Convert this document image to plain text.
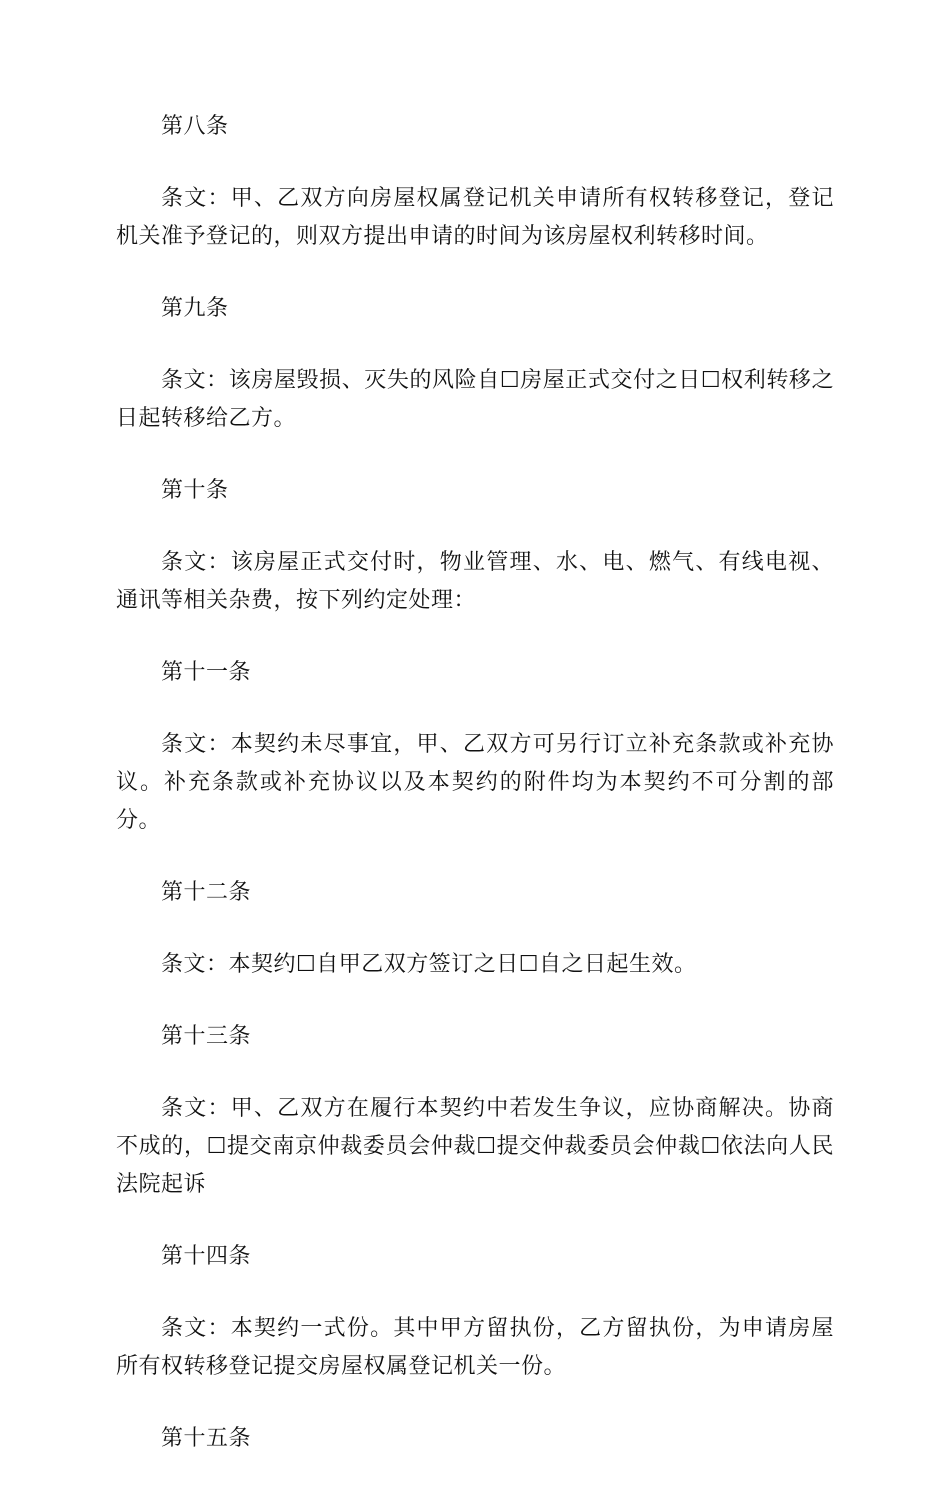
第八条

条文：甲、乙双方向房屋权属登记机关申请所有权转移登记，登记机关准予登记的，则双方提出申请的时间为该房屋权利转移时间。

第九条

条文：该房屋毁损、灭失的风险自☐房屋正式交付之日☐权利转移之日起转移给乙方。

第十条

条文：该房屋正式交付时，物业管理、水、电、燃气、有线电视、通讯等相关杂费，按下列约定处理：

第十一条

条文：本契约未尽事宜，甲、乙双方可另行订立补充条款或补充协议。补充条款或补充协议以及本契约的附件均为本契约不可分割的部分。

第十二条

条文：本契约☐自甲乙双方签订之日☐自之日起生效。

第十三条

条文：甲、乙双方在履行本契约中若发生争议，应协商解决。协商不成的，☐提交南京仲裁委员会仲裁☐提交仲裁委员会仲裁☐依法向人民法院起诉

第十四条

条文：本契约一式份。其中甲方留执份，乙方留执份，为申请房屋所有权转移登记提交房屋权属登记机关一份。

第十五条
